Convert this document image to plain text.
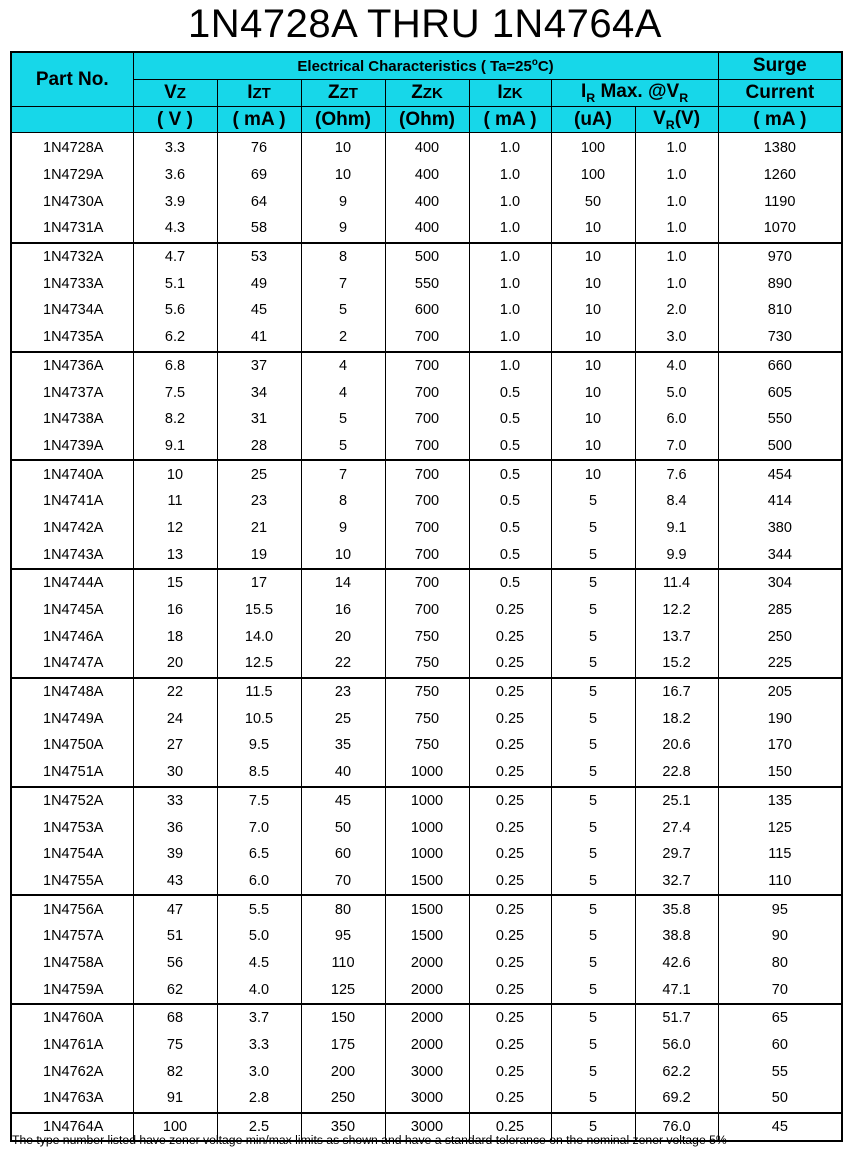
1N4728A THRU 1N4764A
Part No.	Electrical Characteristics ( $Ta=25^oC$)							Surge
	VZ	IZT	ZZT	ZZK	IZK	$I_R$ Max. $@V_R$		Current
	( V )	( mA )	(Ohm)	(Ohm)	( mA )	(uA)	$V_R(V)$	( mA )
1N4728A	3.3	76	10	400	1.0	100	1.0	1380
1N4729A	3.6	69	10	400	1.0	100	1.0	1260
1N4730A	3.9	64	9	400	1.0	50	1.0	1190
1N4731A	4.3	58	9	400	1.0	10	1.0	1070
1N4732A	4.7	53	8	500	1.0	10	1.0	970
1N4733A	5.1	49	7	550	1.0	10	1.0	890
1N4734A	5.6	45	5	600	1.0	10	2.0	810
1N4735A	6.2	41	2	700	1.0	10	3.0	730
1N4736A	6.8	37	4	700	1.0	10	4.0	660
1N4737A	7.5	34	4	700	0.5	10	5.0	605
1N4738A	8.2	31	5	700	0.5	10	6.0	550
1N4739A	9.1	28	5	700	0.5	10	7.0	500
1N4740A	10	25	7	700	0.5	10	7.6	454
1N4741A	11	23	8	700	0.5	5	8.4	414
1N4742A	12	21	9	700	0.5	5	9.1	380
1N4743A	13	19	10	700	0.5	5	9.9	344
1N4744A	15	17	14	700	0.5	5	11.4	304
1N4745A	16	15.5	16	700	0.25	5	12.2	285
1N4746A	18	14.0	20	750	0.25	5	13.7	250
1N4747A	20	12.5	22	750	0.25	5	15.2	225
1N4748A	22	11.5	23	750	0.25	5	16.7	205
1N4749A	24	10.5	25	750	0.25	5	18.2	190
1N4750A	27	9.5	35	750	0.25	5	20.6	170
1N4751A	30	8.5	40	1000	0.25	5	22.8	150
1N4752A	33	7.5	45	1000	0.25	5	25.1	135
1N4753A	36	7.0	50	1000	0.25	5	27.4	125
1N4754A	39	6.5	60	1000	0.25	5	29.7	115
1N4755A	43	6.0	70	1500	0.25	5	32.7	110
1N4756A	47	5.5	80	1500	0.25	5	35.8	95
1N4757A	51	5.0	95	1500	0.25	5	38.8	90
1N4758A	56	4.5	110	2000	0.25	5	42.6	80
1N4759A	62	4.0	125	2000	0.25	5	47.1	70
1N4760A	68	3.7	150	2000	0.25	5	51.7	65
1N4761A	75	3.3	175	2000	0.25	5	56.0	60
1N4762A	82	3.0	200	3000	0.25	5	62.2	55
1N4763A	91	2.8	250	3000	0.25	5	69.2	50
1N4764A	100	2.5	350	3000	0.25	5	76.0	45
The type number listed have zener voltage min/max limits as shown and have a standard tolerance on the nominal zener voltage 5%
